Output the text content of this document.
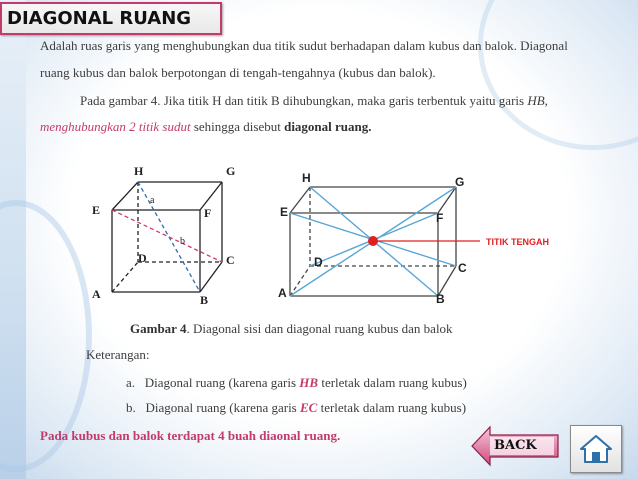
DIAGONAL RUANG
Adalah ruas garis yang menghubungkan dua titik sudut berhadapan dalam kubus dan balok. Diagonal
ruang kubus dan balok berpotongan di tengah-tengahnya (kubus dan balok).
Pada gambar 4. Jika titik H dan titik B dihubungkan, maka garis terbentuk yaitu garis HB,
menghubungkan 2 titik sudut sehingga disebut diagonal ruang.
H	G
E	F
D	C
A	B
a
b
H	G
E	F
D	C
A	B
TITIK TENGAH
Gambar 4. Diagonal sisi dan diagonal ruang kubus dan balok
Keterangan:
a. Diagonal ruang (karena garis HB terletak dalam ruang kubus)
b. Diagonal ruang (karena garis EC terletak dalam ruang kubus)
Pada kubus dan balok terdapat 4 buah diaonal ruang.
BACK
